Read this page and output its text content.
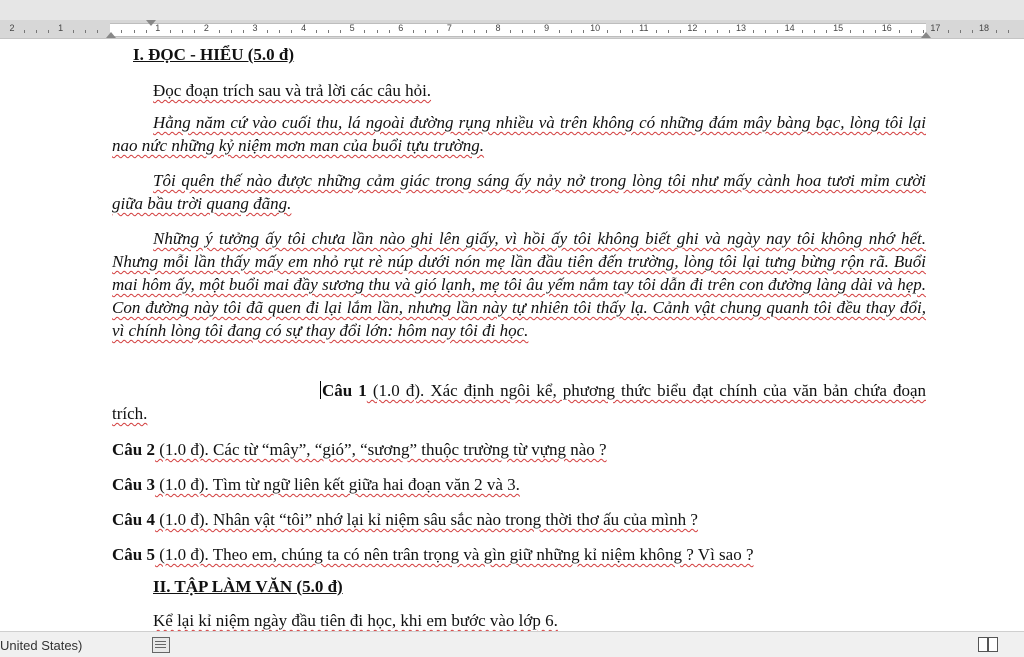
2	1	1	2	3	4	5	6	7	8	9	10	11	12	13	14	15	16	17	18

I. ĐỌC - HIỂU (5.0 đ)

Đọc đoạn trích sau và trả lời các câu hỏi.

Hằng năm cứ vào cuối thu, lá ngoài đường rụng nhiều và trên không có những đám mây bàng bạc, lòng tôi lại nao nức những kỷ niệm mơn man của buổi tựu trường.

Tôi quên thế nào được những cảm giác trong sáng ấy nảy nở trong lòng tôi như mấy cành hoa tươi mỉm cười giữa bầu trời quang đãng.

Những ý tưởng ấy tôi chưa lần nào ghi lên giấy, vì hồi ấy tôi không biết ghi và ngày nay tôi không nhớ hết. Nhưng mỗi lần thấy mấy em nhỏ rụt rè núp dưới nón mẹ lần đầu tiên đến trường, lòng tôi lại tưng bừng rộn rã. Buổi mai hôm ấy, một buổi mai đầy sương thu và gió lạnh, mẹ tôi âu yếm nắm tay tôi dẫn đi trên con đường làng dài và hẹp. Con đường này tôi đã quen đi lại lắm lần, nhưng lần này tự nhiên tôi thấy lạ. Cảnh vật chung quanh tôi đều thay đổi, vì chính lòng tôi đang có sự thay đổi lớn: hôm nay tôi đi học.

Câu 1 (1.0 đ). Xác định ngôi kể, phương thức biểu đạt chính của văn bản chứa đoạn trích.

Câu 2 (1.0 đ). Các từ “mây”, “gió”, “sương” thuộc trường từ vựng nào ?

Câu 3 (1.0 đ). Tìm từ ngữ liên kết giữa hai đoạn văn 2 và 3.

Câu 4 (1.0 đ). Nhân vật “tôi” nhớ lại kỉ niệm sâu sắc nào trong thời thơ ấu của mình ?

Câu 5 (1.0 đ). Theo em, chúng ta có nên trân trọng và gìn giữ những kỉ niệm không ? Vì sao ?

II. TẬP LÀM VĂN (5.0 đ)

Kể lại kỉ niệm ngày đầu tiên đi học, khi em bước vào lớp 6.

United States)
